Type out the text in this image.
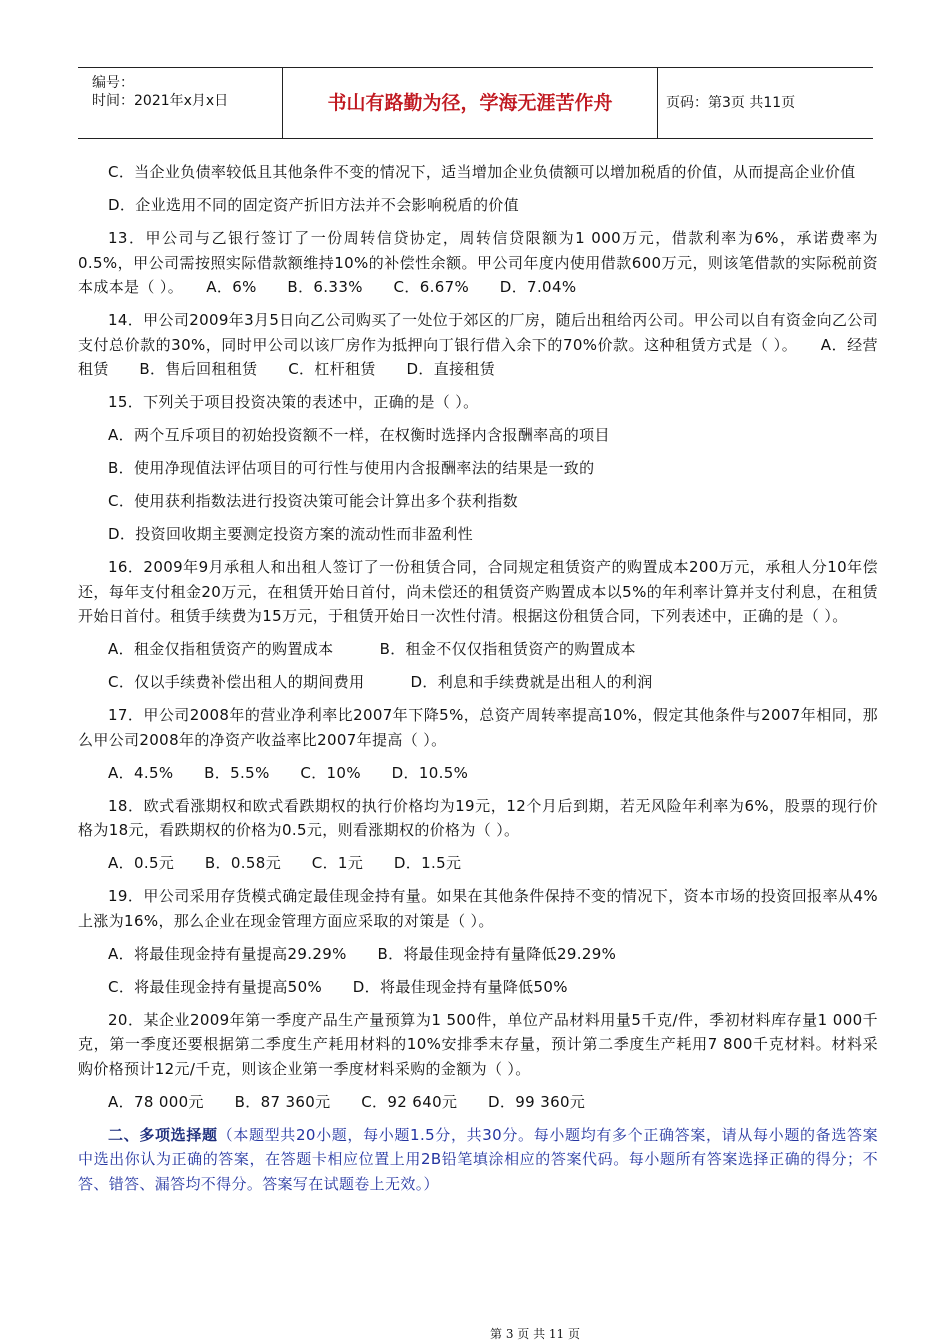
编号：
时间：2021年x月x日	书山有路勤为径，学海无涯苦作舟	页码：第3页 共11页

C．当企业负债率较低且其他条件不变的情况下，适当增加企业负债额可以增加税盾的价值，从而提高企业价值

D．企业选用不同的固定资产折旧方法并不会影响税盾的价值

13．甲公司与乙银行签订了一份周转信贷协定，周转信贷限额为1 000万元，借款利率为6%，承诺费率为0.5%，甲公司需按照实际借款额维持10%的补偿性余额。甲公司年度内使用借款600万元，则该笔借款的实际税前资本成本是（ ）。　　A．6%　　B．6.33%　　C．6.67%　　D．7.04%

14．甲公司2009年3月5日向乙公司购买了一处位于郊区的厂房，随后出租给丙公司。甲公司以自有资金向乙公司支付总价款的30%，同时甲公司以该厂房作为抵押向丁银行借入余下的70%价款。这种租赁方式是（ ）。　　A．经营租赁　　B．售后回租租赁　　C．杠杆租赁　　D．直接租赁

15．下列关于项目投资决策的表述中，正确的是（ ）。

A．两个互斥项目的初始投资额不一样，在权衡时选择内含报酬率高的项目

B．使用净现值法评估项目的可行性与使用内含报酬率法的结果是一致的

C．使用获利指数法进行投资决策可能会计算出多个获利指数

D．投资回收期主要测定投资方案的流动性而非盈利性

16．2009年9月承租人和出租人签订了一份租赁合同，合同规定租赁资产的购置成本200万元，承租人分10年偿还，每年支付租金20万元，在租赁开始日首付，尚未偿还的租赁资产购置成本以5%的年利率计算并支付利息，在租赁开始日首付。租赁手续费为15万元，于租赁开始日一次性付清。根据这份租赁合同，下列表述中，正确的是（ ）。

A．租金仅指租赁资产的购置成本　　　B．租金不仅仅指租赁资产的购置成本

C．仅以手续费补偿出租人的期间费用　　　D．利息和手续费就是出租人的利润

17．甲公司2008年的营业净利率比2007年下降5%，总资产周转率提高10%，假定其他条件与2007年相同，那么甲公司2008年的净资产收益率比2007年提高（ ）。

A．4.5%　　B．5.5%　　C．10%　　D．10.5%

18．欧式看涨期权和欧式看跌期权的执行价格均为19元，12个月后到期，若无风险年利率为6%，股票的现行价格为18元，看跌期权的价格为0.5元，则看涨期权的价格为（ ）。

A．0.5元　　B．0.58元　　C．1元　　D．1.5元

19．甲公司采用存货模式确定最佳现金持有量。如果在其他条件保持不变的情况下，资本市场的投资回报率从4%上涨为16%，那么企业在现金管理方面应采取的对策是（ ）。

A．将最佳现金持有量提高29.29%　　B．将最佳现金持有量降低29.29%

C．将最佳现金持有量提高50%　　D．将最佳现金持有量降低50%

20．某企业2009年第一季度产品生产量预算为1 500件，单位产品材料用量5千克/件，季初材料库存量1 000千克，第一季度还要根据第二季度生产耗用材料的10%安排季末存量，预计第二季度生产耗用7 800千克材料。材料采购价格预计12元/千克，则该企业第一季度材料采购的金额为（ ）。

A．78 000元　　B．87 360元　　C．92 640元　　D．99 360元

二、多项选择题（本题型共20小题，每小题1.5分，共30分。每小题均有多个正确答案，请从每小题的备选答案中选出你认为正确的答案，在答题卡相应位置上用2B铅笔填涂相应的答案代码。每小题所有答案选择正确的得分；不答、错答、漏答均不得分。答案写在试题卷上无效。）

第 3 页 共 11 页
